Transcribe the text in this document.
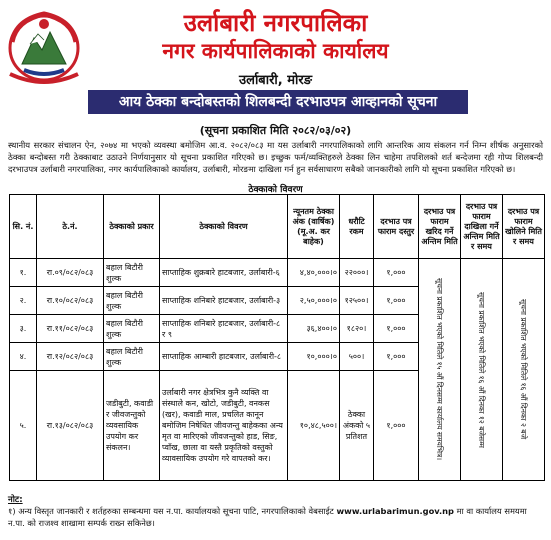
उर्लाबारी नगरपालिका
नगर कार्यपालिकाको कार्यालय
उर्लाबारी, मोरङ
आय ठेक्का बन्दोबस्तको शिलबन्दी दरभाउपत्र आव्हानको सूचना
(सूचना प्रकाशित मिति २०८२/०३/०२)
स्थानीय सरकार संचालन ऐन, २०७४ मा भएको व्यवस्था बमोजिम आ.व. २०८२/०८३ मा यस उर्लाबारी नगरपालिकाको लागि आन्तरिक आय संकलन गर्न निम्न शीर्षक अनुसारको ठेक्का बन्दोबस्त गरी ठेक्काबाट उठाउने निर्णयानुसार यो सूचना प्रकाशित गरिएको छ। इच्छुक फर्म/व्यक्तिहरुले ठेक्का लिन चाहेमा तपशिलको शर्त बन्देजमा रही गोप्य शिलबन्दी दरभाउपत्र उर्लाबारी नगरपालिका, नगर कार्यपालिकाको कार्यालय, उर्लाबारी, मोरङमा दाखिला गर्न हुन सर्वसाधारण सबैको जानकारीको लागि यो सूचना प्रकाशित गरिएको छ।
ठेक्काको विवरण
सि. नं.	ठे.नं.	ठेक्काको प्रकार	ठेक्काको विवरण	न्यूनतम ठेक्का अंक (वार्षिक) (मू.अ. कर बाहेक)	धरौटि रकम	दरभाउ पत्र फाराम दस्तुर	दरभाउ पत्र फाराम खरिद गर्ने अन्तिम मिति	दरभाउ पत्र फाराम दाखिला गर्ने अन्तिम मिति र समय	दरभाउ पत्र फाराम खोलिने मिति र समय
१.	रा.०९/०८२/०८३	बहाल बिटौरी शुल्क	साप्ताहिक शुक्रबारे हाटबजार, उर्लाबारी-६	४,४०,०००।०	२२०००।	१,०००	सूचना प्रकाशित भएको मितिले १५ औं दिनसम्म कार्यालय समयभित्र।	सूचना प्रकाशित भएको मितिले १६ औं दिनका १२ बजेसम्म	सूचना प्रकाशित भएको मितिले १६ औं दिनका २ बजे

२.	रा.१०/०८२/०८३	बहाल बिटौरी शुल्क	साप्ताहिक शनिबारे हाटबजार, उर्लाबारी-३	२,५०,०००।०	१२५००।	१,०००			
३.	रा.११/०८२/०८३	बहाल बिटौरी शुल्क	साप्ताहिक शनिबारे हाटबजार, उर्लाबारी-८ र ९	३६,४००।०	१८२०।	१,०००			
४.	रा.१२/०८२/०८३	बहाल बिटौरी शुल्क	साप्ताहिक आम्बारी हाटबजार, उर्लाबारी-८	१०,०००।०	५००।	१,०००			
५.	रा.१३/०८२/०८३	जडीबुटी, कवाडी र जीवजन्तुको व्यवसायिक उपयोग कर संकलन।	उर्लाबारी नगर क्षेत्रभित्र कुनै व्यक्ति वा संस्थाले कन, खोटो, जडीबुटी, वनकस (खर), कवाडी माल, प्रचलित कानून बमोजिम निषेधित जीवजन्तु बाहेकका अन्य मृत वा मारिएको जीवजन्तुको हाड, सिङ, प्वाँख, छाला वा यस्तै प्रकृतिको वस्तुको व्यावसायिक उपयोग गरे वापतको कर।	१०,४८,५००।	ठेक्का अंकको ५ प्रतिशत	१,०००			
नोट:
१) अन्य विस्तृत जानकारी र शर्तहरुका सम्बन्धमा यस न.पा. कार्यालयको सूचना पाटि, नगरपालिकाको वेबसाईट www.urlabarimun.gov.np मा वा कार्यालय समयमा न.पा. को राजश्व शाखामा सम्पर्क राख्न सकिनेछ।
